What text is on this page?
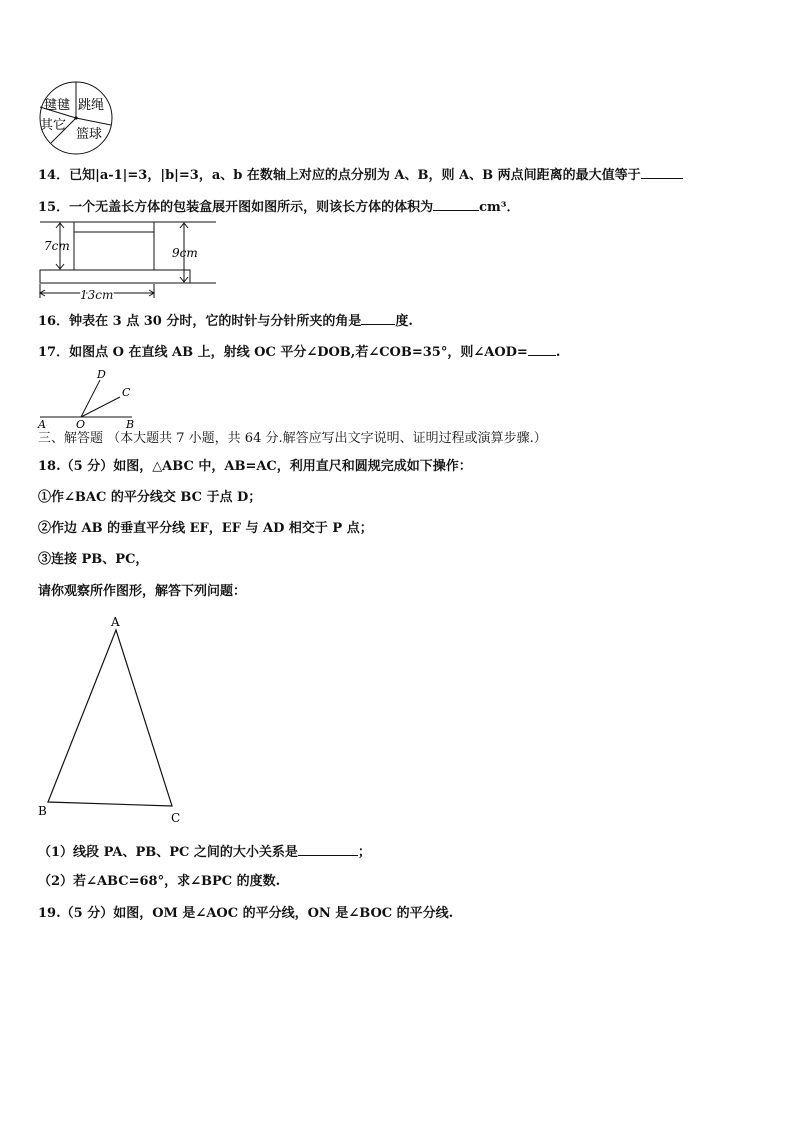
毽毽 跳绳
其它
篮球
14．已知|a-1|=3，|b|=3，a、b 在数轴上对应的点分别为 A、B，则 A、B 两点间距离的最大值等于
15．一个无盖长方体的包装盒展开图如图所示，则该长方体的体积为	cm³．
7cm	9cm
13cm
16．钟表在 3 点 30 分时，它的时针与分针所夹的角是	度.
17．如图点 O 在直线 AB 上，射线 OC 平分∠DOB,若∠COB=35°，则∠AOD= .
A	O	B
C
D
三、解答题 （本大题共 7 小题，共 64 分.解答应写出文字说明、证明过程或演算步骤.）
18.（5 分）如图，△ABC 中，AB=AC，利用直尺和圆规完成如下操作：
①作∠BAC 的平分线交 BC 于点 D；
②作边 AB 的垂直平分线 EF，EF 与 AD 相交于 P 点；
③连接 PB、PC，
请你观察所作图形，解答下列问题：
A
B	C
（1）线段 PA、PB、PC 之间的大小关系是	；
（2）若∠ABC=68°，求∠BPC 的度数.
19.（5 分）如图，OM 是∠AOC 的平分线，ON 是∠BOC 的平分线.
